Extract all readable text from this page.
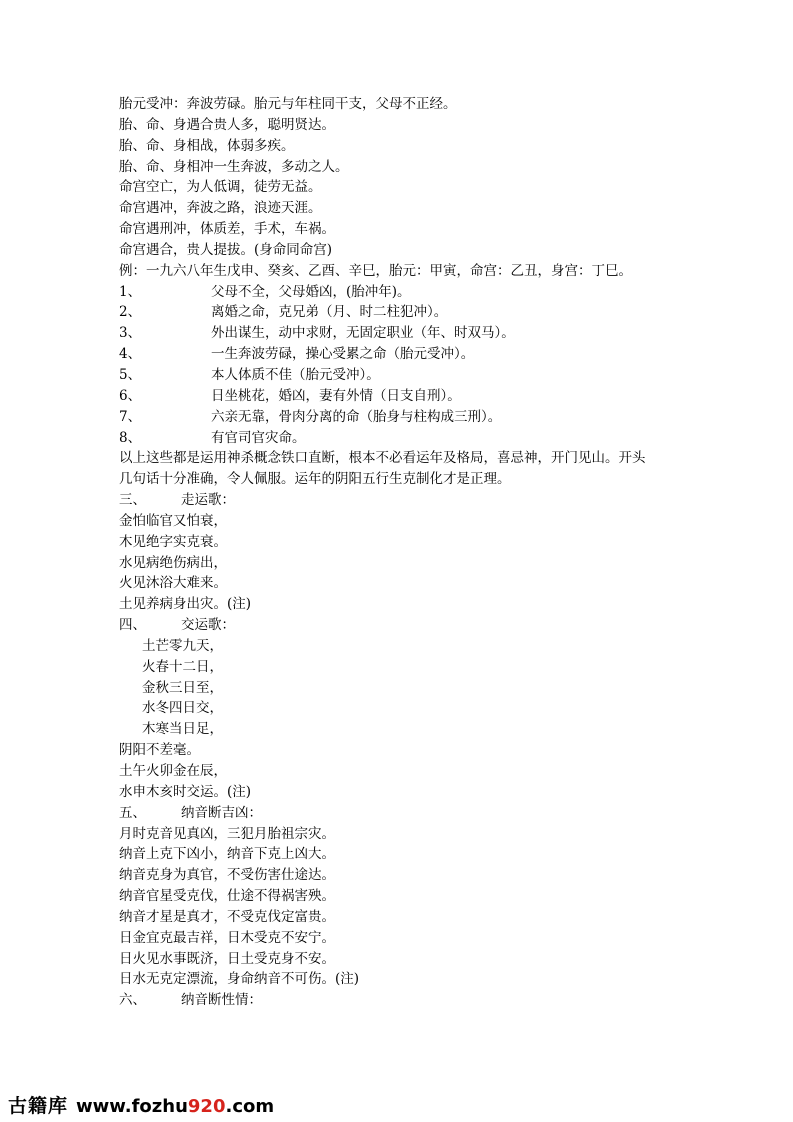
胎元受冲：奔波劳碌。胎元与年柱同干支，父母不正经。
胎、命、身遇合贵人多，聪明贤达。
胎、命、身相战，体弱多疾。
胎、命、身相冲一生奔波，多动之人。
命宫空亡，为人低调，徒劳无益。
命宫遇冲，奔波之路，浪迹天涯。
命宫遇刑冲，体质差，手术，车祸。
命宫遇合，贵人提拔。(身命同命宫)
例：一九六八年生戊申、癸亥、乙酉、辛巳，胎元：甲寅，命宫：乙丑，身宫：丁巳。
1、	父母不全，父母婚凶，(胎冲年)。
2、	离婚之命，克兄弟（月、时二柱犯冲）。
3、	外出谋生，动中求财，无固定职业（年、时双马）。
4、	一生奔波劳碌，操心受累之命（胎元受冲）。
5、	本人体质不佳（胎元受冲）。
6、	日坐桃花，婚凶，妻有外情（日支自刑）。
7、	六亲无靠，骨肉分离的命（胎身与柱构成三刑）。
8、	有官司官灾命。
以上这些都是运用神杀概念铁口直断，根本不必看运年及格局，喜忌神，开门见山。开头
几句话十分准确，令人佩服。运年的阴阳五行生克制化才是正理。
三、	走运歌：
金怕临官又怕衰，
木见绝字实克衰。
水见病绝伤病出，
火见沐浴大难来。
土见养病身出灾。(注)
四、	交运歌：
土芒零九天，
火春十二日，
金秋三日至，
水冬四日交，
木寒当日足，
阴阳不差毫。
土午火卯金在辰，
水申木亥时交运。(注)
五、	纳音断吉凶：
月时克音见真凶，三犯月胎祖宗灾。
纳音上克下凶小，纳音下克上凶大。
纳音克身为真官，不受伤害仕途达。
纳音官星受克伐，仕途不得祸害殃。
纳音才星是真才，不受克伐定富贵。
日金宜克最吉祥，日木受克不安宁。
日火见水事既济，日土受克身不安。
日水无克定漂流，身命纳音不可伤。(注)
六、	纳音断性情：
古籍库 www.fozhu920.com
